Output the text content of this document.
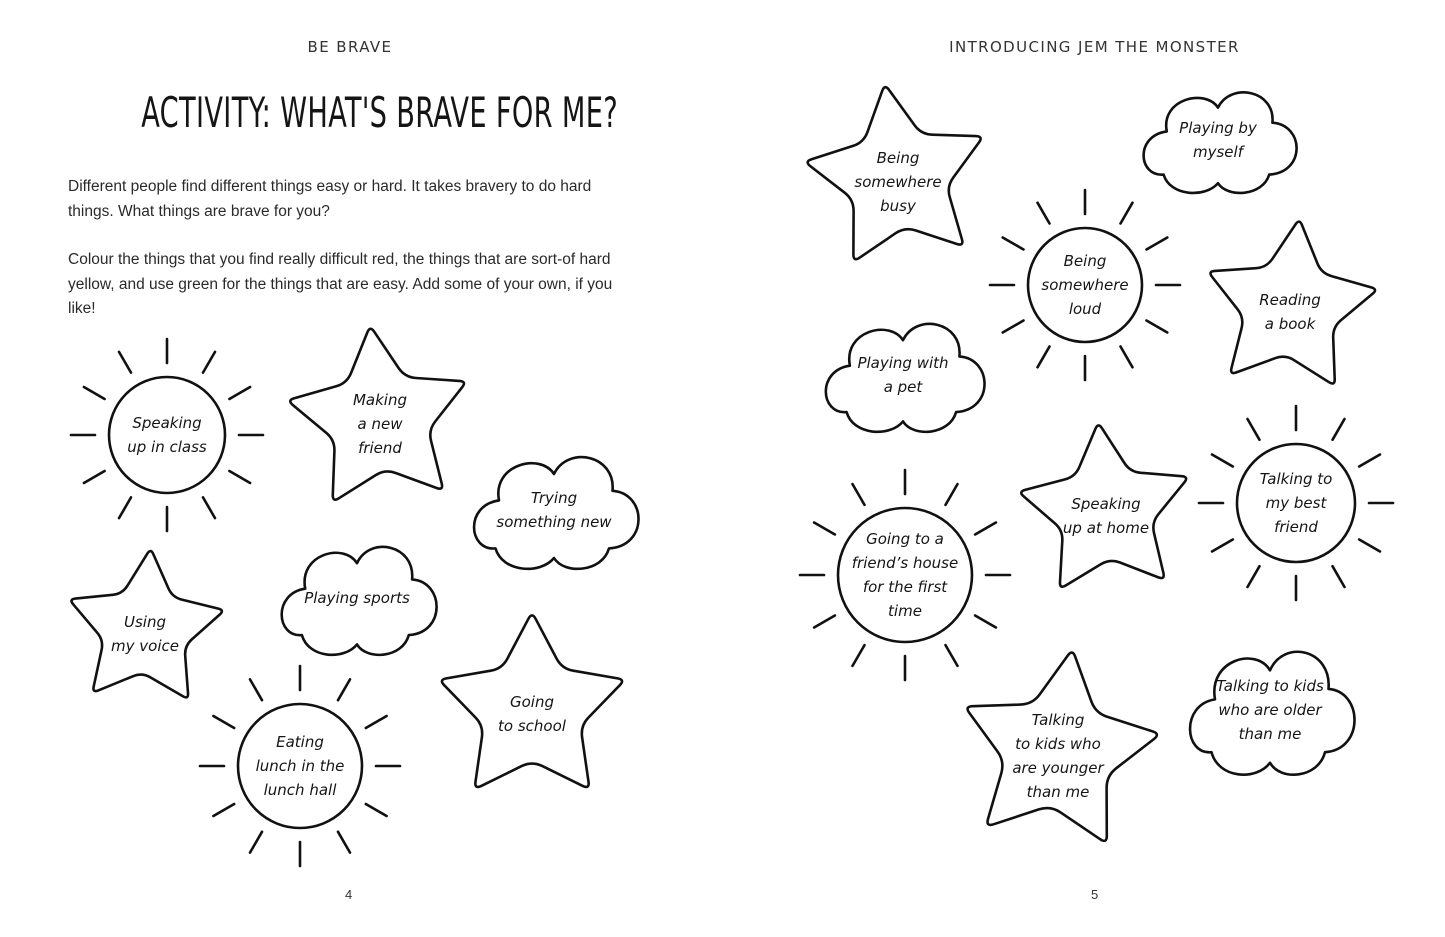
BE BRAVE
ACTIVITY: WHAT'S BRAVE FOR ME?

Different people find different things easy or hard. It takes bravery to do hard things. What things are brave for you?

Colour the things that you find really difficult red, the things that are sort-of hard yellow, and use green for the things that are easy. Add some of your own, if you like!

4
INTRODUCING JEM THE MONSTER
5
Speaking
up in class
Making
a new
friend
Trying
something new
Using
my voice
Playing sports
Eating
lunch in the
lunch hall
Going
to school
Being
somewhere
busy
Playing by
myself
Being
somewhere
loud	Reading
a book
Playing with
a pet
Speaking
up at home
Talking to
my best
friend
Going to a
friend’s house
for the first
time
Talking
to kids who
are younger
than me
Talking to kids
who are older
than me
